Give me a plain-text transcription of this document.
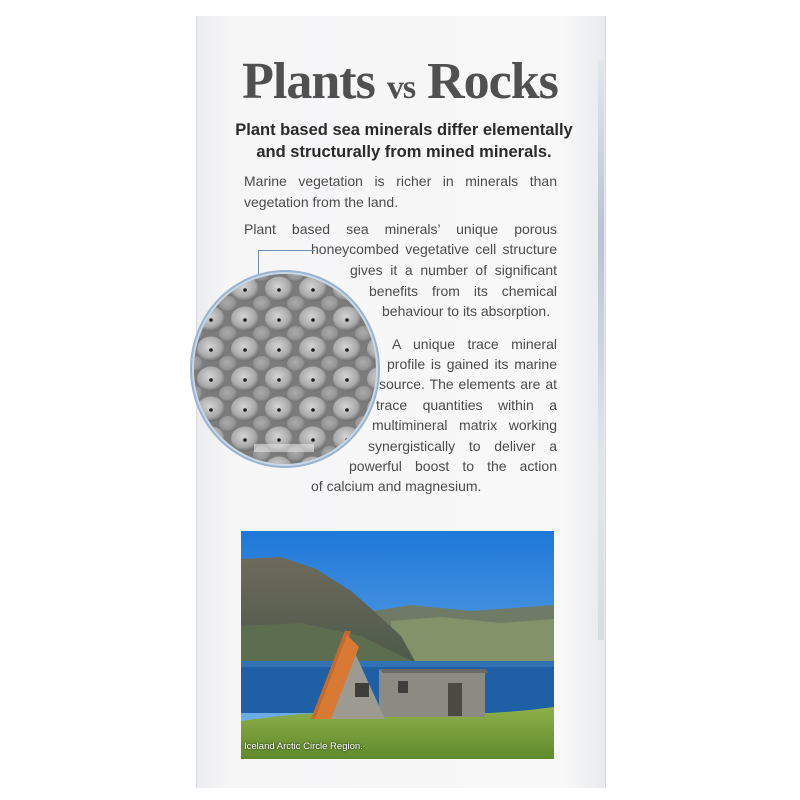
Plants vs Rocks

Plant based sea minerals differ elementally
and structurally from mined minerals.

Marine vegetation is richer in minerals than vegetation from the land.

Plant based sea minerals’ unique porous
honeycombed vegetative cell structure
gives it a number of significant
benefits from its chemical
behaviour to its absorption.
A unique trace mineral
profile is gained its marine
source. The elements are at
trace quantities within a
multimineral matrix working
synergistically to deliver a
powerful boost to the action
of calcium and magnesium.

Iceland Arctic Circle Region.
